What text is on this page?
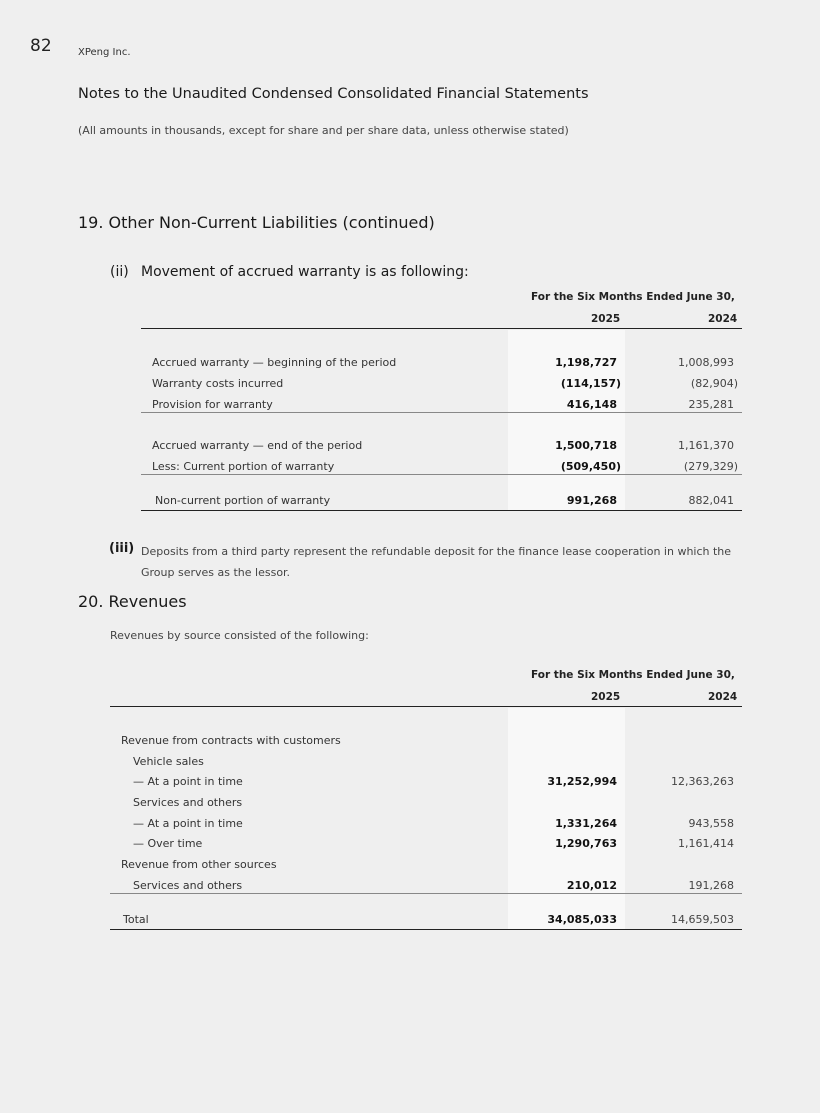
82	XPeng Inc.
Notes to the Unaudited Condensed Consolidated Financial Statements
(All amounts in thousands, except for share and per share data, unless otherwise stated)
19. Other Non-Current Liabilities (continued)
(ii) Movement of accrued warranty is as following:
For the Six Months Ended June 30,
2025	2024
Accrued warranty — beginning of the period	1,198,727	1,008,993
Warranty costs incurred	(114,157)	(82,904)
Provision for warranty	416,148	235,281
Accrued warranty — end of the period	1,500,718	1,161,370
Less: Current portion of warranty	(509,450)	(279,329)
Non-current portion of warranty	991,268	882,041
(iii) Deposits from a third party represent the refundable deposit for the finance lease cooperation in which the Group serves as the lessor.
20. Revenues
Revenues by source consisted of the following:
For the Six Months Ended June 30,
2025	2024
Revenue from contracts with customers
Vehicle sales
— At a point in time	31,252,994	12,363,263
Services and others
— At a point in time	1,331,264	943,558
— Over time	1,290,763	1,161,414
Revenue from other sources
Services and others	210,012	191,268
Total	34,085,033	14,659,503
